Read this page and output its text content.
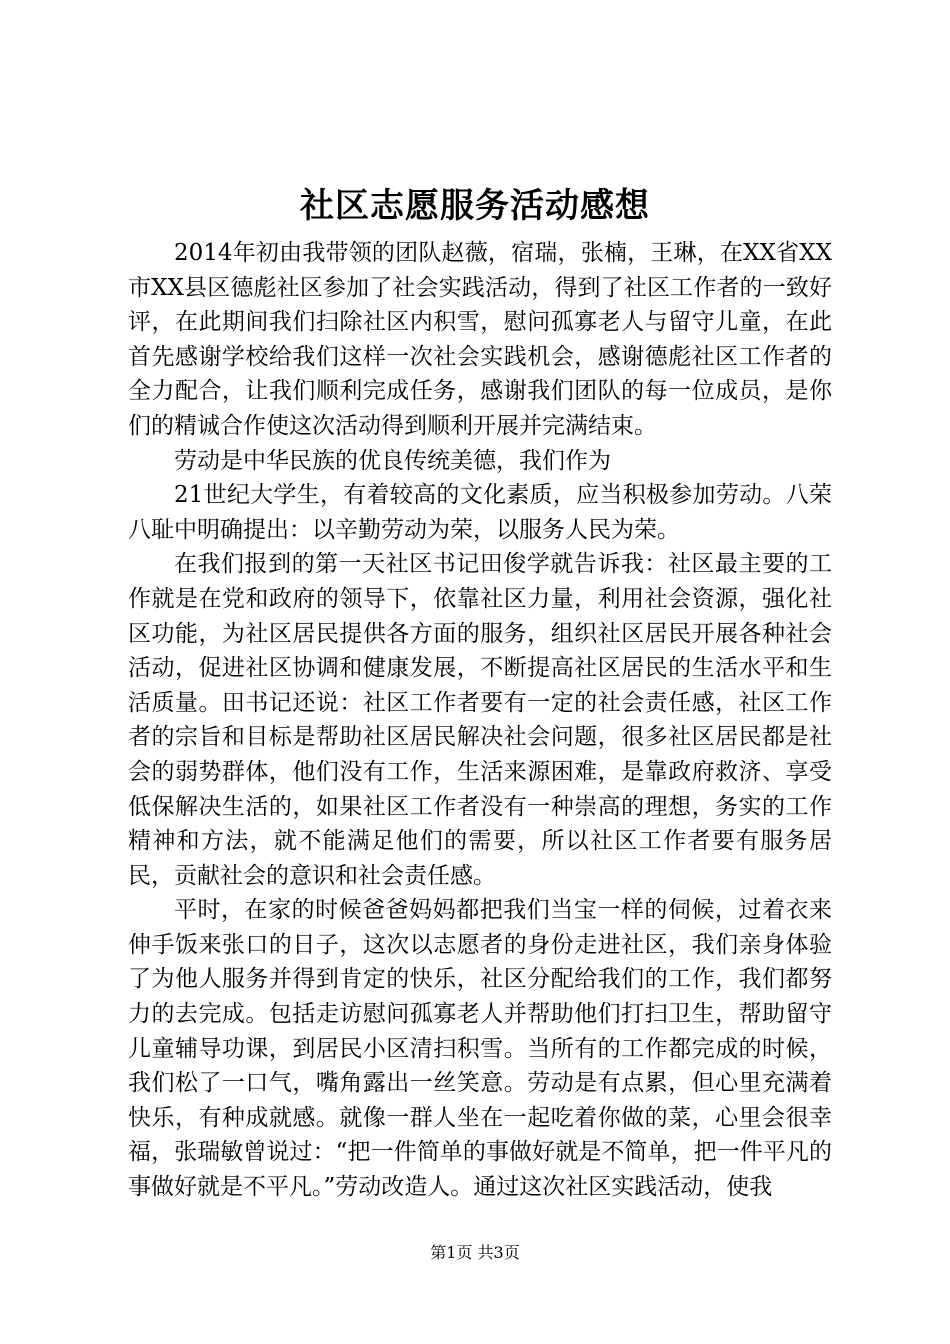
社区志愿服务活动感想

2014年初由我带领的团队赵薇，宿瑞，张楠，王琳，在XX省XX市XX县区德彪社区参加了社会实践活动，得到了社区工作者的一致好评，在此期间我们扫除社区内积雪，慰问孤寡老人与留守儿童，在此首先感谢学校给我们这样一次社会实践机会，感谢德彪社区工作者的全力配合，让我们顺利完成任务，感谢我们团队的每一位成员，是你们的精诚合作使这次活动得到顺利开展并完满结束。

劳动是中华民族的优良传统美德，我们作为

21世纪大学生，有着较高的文化素质，应当积极参加劳动。八荣八耻中明确提出：以辛勤劳动为荣，以服务人民为荣。

在我们报到的第一天社区书记田俊学就告诉我：社区最主要的工作就是在党和政府的领导下，依靠社区力量，利用社会资源，强化社区功能，为社区居民提供各方面的服务，组织社区居民开展各种社会活动，促进社区协调和健康发展，不断提高社区居民的生活水平和生活质量。田书记还说：社区工作者要有一定的社会责任感，社区工作者的宗旨和目标是帮助社区居民解决社会问题，很多社区居民都是社会的弱势群体，他们没有工作，生活来源困难，是靠政府救济、享受低保解决生活的，如果社区工作者没有一种崇高的理想，务实的工作精神和方法，就不能满足他们的需要，所以社区工作者要有服务居民，贡献社会的意识和社会责任感。

平时，在家的时候爸爸妈妈都把我们当宝一样的伺候，过着衣来伸手饭来张口的日子，这次以志愿者的身份走进社区，我们亲身体验了为他人服务并得到肯定的快乐，社区分配给我们的工作，我们都努力的去完成。包括走访慰问孤寡老人并帮助他们打扫卫生，帮助留守儿童辅导功课，到居民小区清扫积雪。当所有的工作都完成的时候，我们松了一口气，嘴角露出一丝笑意。劳动是有点累，但心里充满着快乐，有种成就感。就像一群人坐在一起吃着你做的菜，心里会很幸福，张瑞敏曾说过：“把一件简单的事做好就是不简单，把一件平凡的事做好就是不平凡。”劳动改造人。通过这次社区实践活动，使我

第1页 共3页
